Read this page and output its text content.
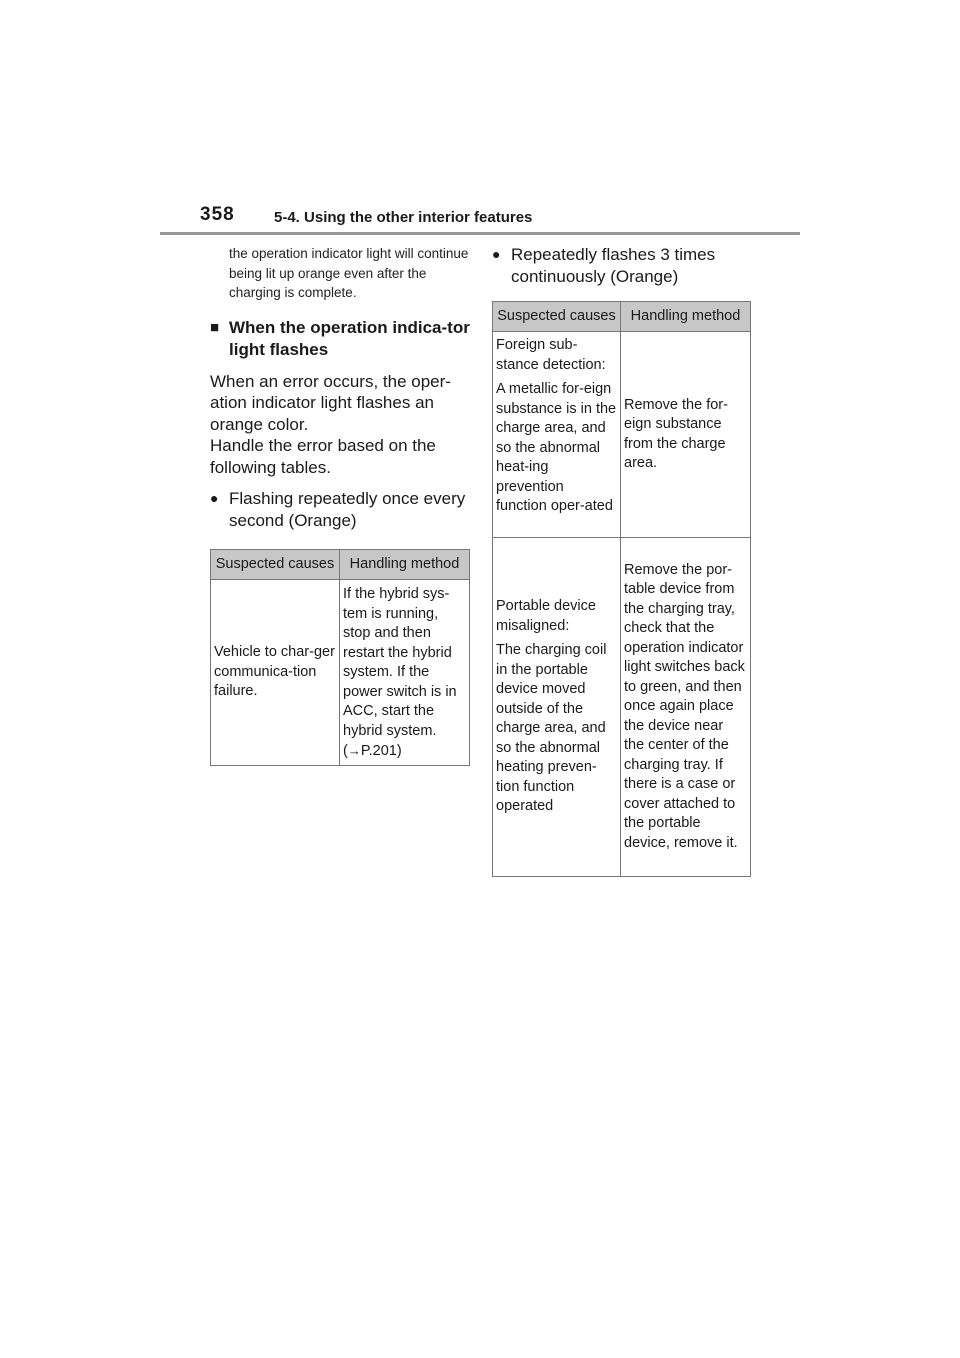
358	5-4. Using the other interior features

the operation indicator light will continue being lit up orange even after the charging is complete.

■ When the operation indica-tor light flashes
When an error occurs, the oper-ation indicator light flashes an orange color.
Handle the error based on the following tables.
● Flashing repeatedly once every second (Orange)
Suspected causes	Handling method
Vehicle to char-ger communica-tion failure.	If the hybrid sys-tem is running, stop and then restart the hybrid system. If the power switch is in ACC, start the hybrid system.
(→P.201)
● Repeatedly flashes 3 times continuously (Orange)
Suspected causes	Handling method

Foreign sub-stance detection:

A metallic for-eign substance is in the charge area, and so the abnormal heat-ing prevention function oper-ated	Remove the for-eign substance from the charge area.

Portable device misaligned:

The charging coil in the portable device moved outside of the charge area, and so the abnormal heating preven-tion function operated	Remove the por-table device from the charging tray, check that the operation indicator light switches back to green, and then once again place the device near the center of the charging tray. If there is a case or cover attached to the portable device, remove it.
